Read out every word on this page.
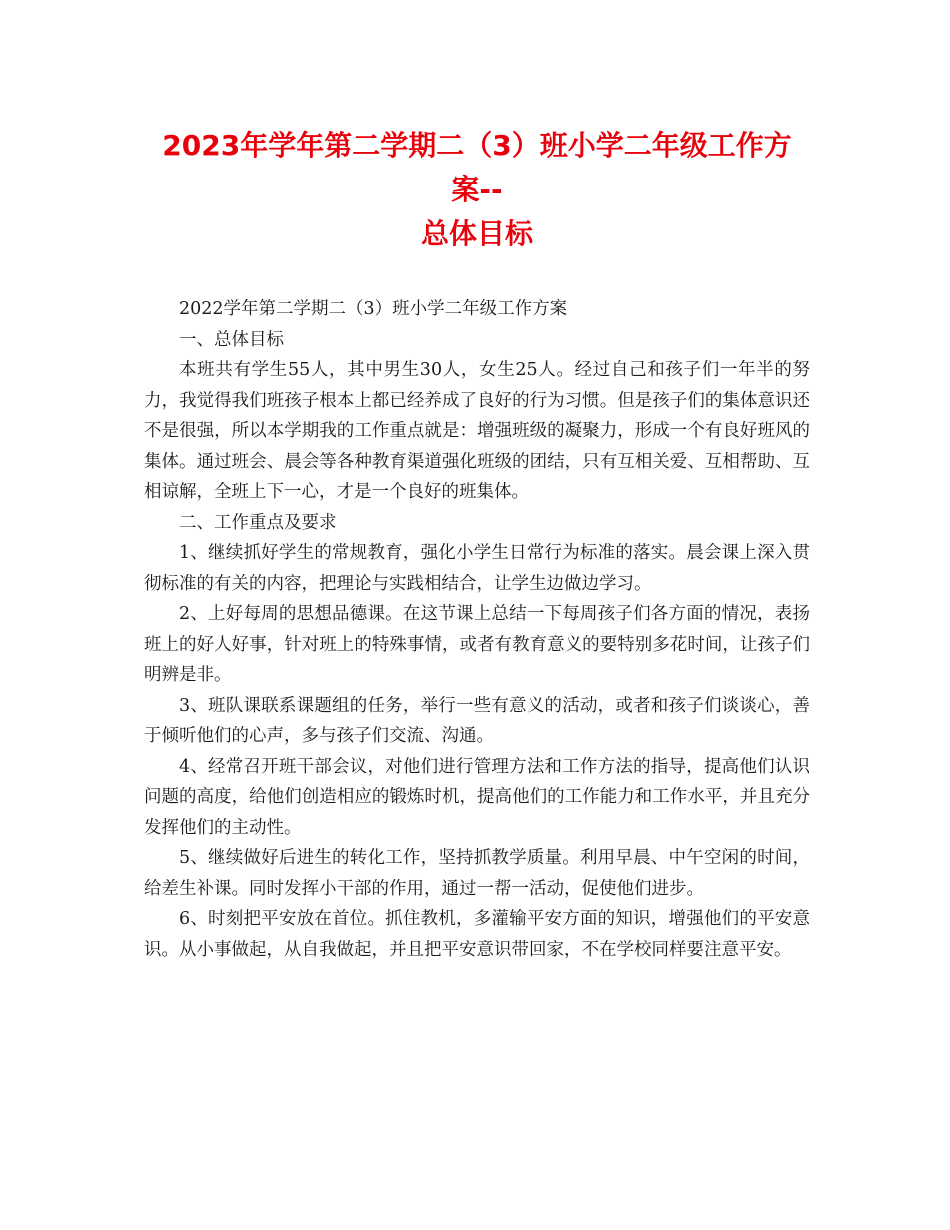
2023年学年第二学期二（3）班小学二年级工作方案--
总体目标

2022学年第二学期二（3）班小学二年级工作方案

一、总体目标

本班共有学生55人，其中男生30人，女生25人。经过自己和孩子们一年半的努力，我觉得我们班孩子根本上都已经养成了良好的行为习惯。但是孩子们的集体意识还不是很强，所以本学期我的工作重点就是：增强班级的凝聚力，形成一个有良好班风的集体。通过班会、晨会等各种教育渠道强化班级的团结，只有互相关爱、互相帮助、互相谅解，全班上下一心，才是一个良好的班集体。

二、工作重点及要求

1、继续抓好学生的常规教育，强化小学生日常行为标准的落实。晨会课上深入贯彻标准的有关的内容，把理论与实践相结合，让学生边做边学习。

2、上好每周的思想品德课。在这节课上总结一下每周孩子们各方面的情况，表扬班上的好人好事，针对班上的特殊事情，或者有教育意义的要特别多花时间，让孩子们明辨是非。

3、班队课联系课题组的任务，举行一些有意义的活动，或者和孩子们谈谈心，善于倾听他们的心声，多与孩子们交流、沟通。

4、经常召开班干部会议，对他们进行管理方法和工作方法的指导，提高他们认识问题的高度，给他们创造相应的锻炼时机，提高他们的工作能力和工作水平，并且充分发挥他们的主动性。

5、继续做好后进生的转化工作，坚持抓教学质量。利用早晨、中午空闲的时间，给差生补课。同时发挥小干部的作用，通过一帮一活动，促使他们进步。

6、时刻把平安放在首位。抓住教机，多灌输平安方面的知识，增强他们的平安意识。从小事做起，从自我做起，并且把平安意识带回家，不在学校同样要注意平安。
